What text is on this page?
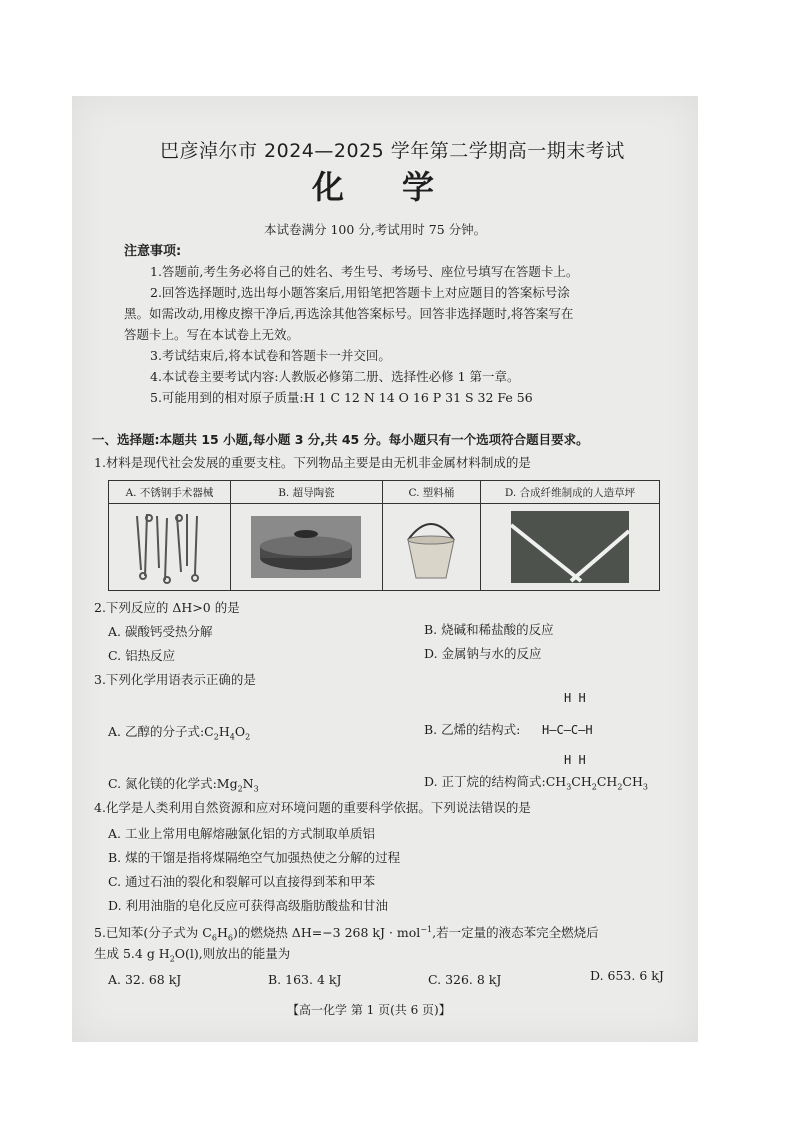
巴彦淖尔市 2024—2025 学年第二学期高一期末考试
化学
本试卷满分 100 分,考试用时 75 分钟。
注意事项:
1.答题前,考生务必将自己的姓名、考生号、考场号、座位号填写在答题卡上。
2.回答选择题时,选出每小题答案后,用铅笔把答题卡上对应题目的答案标号涂
黑。如需改动,用橡皮擦干净后,再选涂其他答案标号。回答非选择题时,将答案写在
答题卡上。写在本试卷上无效。
3.考试结束后,将本试卷和答题卡一并交回。
4.本试卷主要考试内容:人教版必修第二册、选择性必修 1 第一章。
5.可能用到的相对原子质量:H 1 C 12 N 14 O 16 P 31 S 32 Fe 56
一、选择题:本题共 15 小题,每小题 3 分,共 45 分。每小题只有一个选项符合题目要求。
1.材料是现代社会发展的重要支柱。下列物品主要是由无机非金属材料制成的是
A. 不锈钢手术器械	B. 超导陶瓷	C. 塑料桶	D. 合成纤维制成的人造草坪

2.下列反应的 ΔH>0 的是
A. 碳酸钙受热分解	B. 烧碱和稀盐酸的反应
C. 铝热反应	D. 金属钠与水的反应
3.下列化学用语表示正确的是
A. 乙醇的分子式$:C_2H_4O_2$	B. 乙烯的结构式:
H H
H—C—C—H
H H
C. 氮化镁的化学式$:Mg_2N_3$	D. 正丁烷的结构简式$:CH_3CH_2CH_2CH_3$
4.化学是人类利用自然资源和应对环境问题的重要科学依据。下列说法错误的是
A. 工业上常用电解熔融氯化铝的方式制取单质铝
B. 煤的干馏是指将煤隔绝空气加强热使之分解的过程
C. 通过石油的裂化和裂解可以直接得到苯和甲苯
D. 利用油脂的皂化反应可获得高级脂肪酸盐和甘油
5.已知苯(分子式为 $C_6H_6$)的燃烧热 ΔH=−3 268 kJ · mol$^{-1}$,若一定量的液态苯完全燃烧后
生成 5.4 g $H_2O(l)$,则放出的能量为
A. 32. 68 kJ	B. 163. 4 kJ	C. 326. 8 kJ	D. 653. 6 kJ
【高一化学 第 1 页(共 6 页)】
